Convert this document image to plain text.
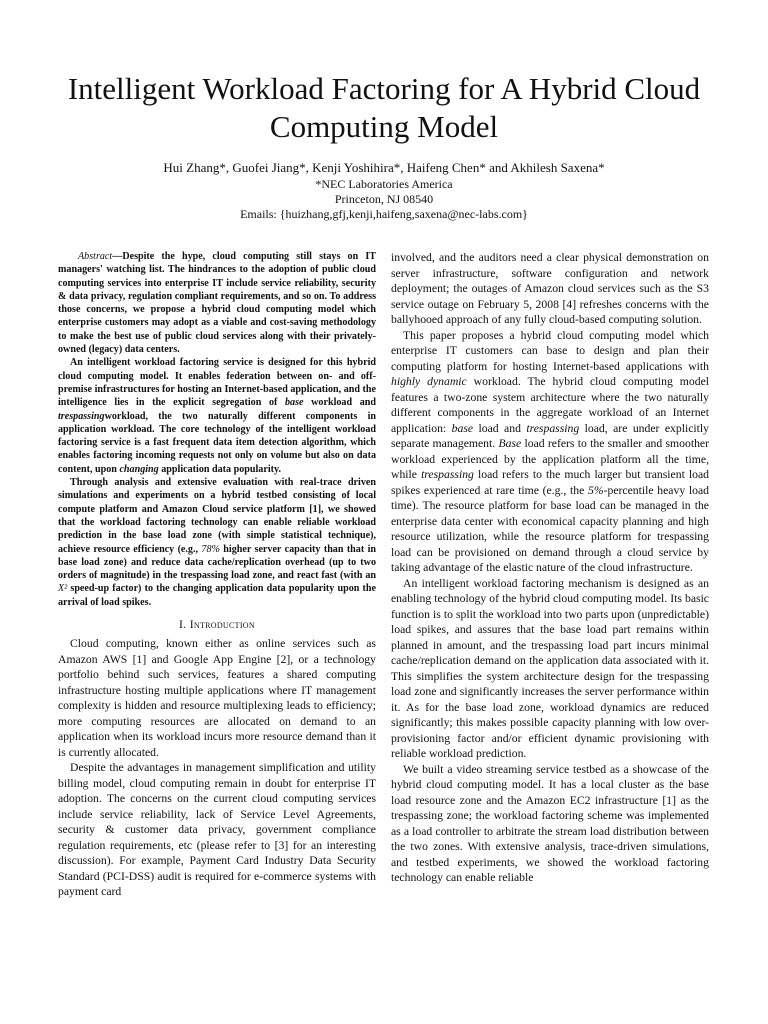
Intelligent Workload Factoring for A Hybrid Cloud Computing Model
Hui Zhang*, Guofei Jiang*, Kenji Yoshihira*, Haifeng Chen* and Akhilesh Saxena*
*NEC Laboratories America
Princeton, NJ 08540
Emails: {huizhang,gfj,kenji,haifeng,saxena@nec-labs.com}

Abstract—Despite the hype, cloud computing still stays on IT managers' watching list. The hindrances to the adoption of public cloud computing services into enterprise IT include service reliability, security & data privacy, regulation compliant requirements, and so on. To address those concerns, we propose a hybrid cloud computing model which enterprise customers may adopt as a viable and cost-saving methodology to make the best use of public cloud services along with their privately-owned (legacy) data centers.

An intelligent workload factoring service is designed for this hybrid cloud computing model. It enables federation between on- and off-premise infrastructures for hosting an Internet-based application, and the intelligence lies in the explicit segregation of base workload and trespassingworkload, the two naturally different components in application workload. The core technology of the intelligent workload factoring service is a fast frequent data item detection algorithm, which enables factoring incoming requests not only on volume but also on data content, upon changing application data popularity.

Through analysis and extensive evaluation with real-trace driven simulations and experiments on a hybrid testbed consisting of local compute platform and Amazon Cloud service platform [1], we showed that the workload factoring technology can enable reliable workload prediction in the base load zone (with simple statistical technique), achieve resource efficiency (e.g., 78% higher server capacity than that in base load zone) and reduce data cache/replication overhead (up to two orders of magnitude) in the trespassing load zone, and react fast (with an X² speed-up factor) to the changing application data popularity upon the arrival of load spikes.

I. Introduction

Cloud computing, known either as online services such as Amazon AWS [1] and Google App Engine [2], or a technology portfolio behind such services, features a shared computing infrastructure hosting multiple applications where IT management complexity is hidden and resource multiplexing leads to efficiency; more computing resources are allocated on demand to an application when its workload incurs more resource demand than it is currently allocated.

Despite the advantages in management simplification and utility billing model, cloud computing remain in doubt for enterprise IT adoption. The concerns on the current cloud computing services include service reliability, lack of Service Level Agreements, security & customer data privacy, government compliance regulation requirements, etc (please refer to [3] for an interesting discussion). For example, Payment Card Industry Data Security Standard (PCI-DSS) audit is required for e-commerce systems with payment card

involved, and the auditors need a clear physical demonstration on server infrastructure, software configuration and network deployment; the outages of Amazon cloud services such as the S3 service outage on February 5, 2008 [4] refreshes concerns with the ballyhooed approach of any fully cloud-based computing solution.

This paper proposes a hybrid cloud computing model which enterprise IT customers can base to design and plan their computing platform for hosting Internet-based applications with highly dynamic workload. The hybrid cloud computing model features a two-zone system architecture where the two naturally different components in the aggregate workload of an Internet application: base load and trespassing load, are under explicitly separate management. Base load refers to the smaller and smoother workload experienced by the application platform all the time, while trespassing load refers to the much larger but transient load spikes experienced at rare time (e.g., the 5%-percentile heavy load time). The resource platform for base load can be managed in the enterprise data center with economical capacity planning and high resource utilization, while the resource platform for trespassing load can be provisioned on demand through a cloud service by taking advantage of the elastic nature of the cloud infrastructure.

An intelligent workload factoring mechanism is designed as an enabling technology of the hybrid cloud computing model. Its basic function is to split the workload into two parts upon (unpredictable) load spikes, and assures that the base load part remains within planned in amount, and the trespassing load part incurs minimal cache/replication demand on the application data associated with it. This simplifies the system architecture design for the trespassing load zone and significantly increases the server performance within it. As for the base load zone, workload dynamics are reduced significantly; this makes possible capacity planning with low over-provisioning factor and/or efficient dynamic provisioning with reliable workload prediction.

We built a video streaming service testbed as a showcase of the hybrid cloud computing model. It has a local cluster as the base load resource zone and the Amazon EC2 infrastructure [1] as the trespassing zone; the workload factoring scheme was implemented as a load controller to arbitrate the stream load distribution between the two zones. With extensive analysis, trace-driven simulations, and testbed experiments, we showed the workload factoring technology can enable reliable
